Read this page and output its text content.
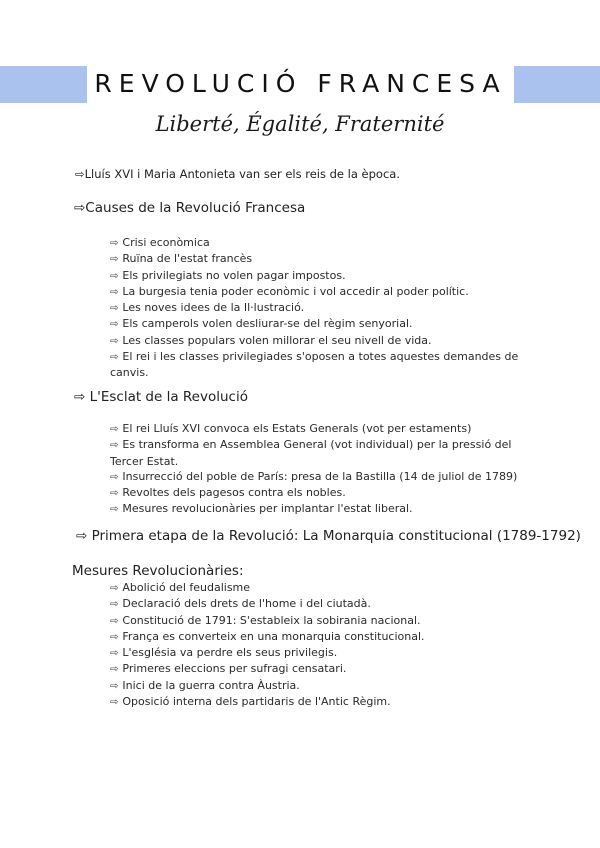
REVOLUCIÓ FRANCESA
Liberté, Égalité, Fraternité
⇨Lluís XVI i Maria Antonieta van ser els reis de la època.
⇨Causes de la Revolució Francesa
⇨ Crisi econòmica
⇨ Ruïna de l'estat francès
⇨ Els privilegiats no volen pagar impostos.
⇨ La burgesia tenia poder econòmic i vol accedir al poder polític.
⇨ Les noves idees de la Il·lustració.
⇨ Els camperols volen desliurar-se del règim senyorial.
⇨ Les classes populars volen millorar el seu nivell de vida.
⇨ El rei i les classes privilegiades s'oposen a totes aquestes demandes de canvis.
⇨ L'Esclat de la Revolució
⇨ El rei Lluís XVI convoca els Estats Generals (vot per estaments)
⇨ Es transforma en Assemblea General (vot individual) per la pressió del Tercer Estat.
⇨ Insurrecció del poble de París: presa de la Bastilla (14 de juliol de 1789)
⇨ Revoltes dels pagesos contra els nobles.
⇨ Mesures revolucionàries per implantar l'estat liberal.
⇨ Primera etapa de la Revolució: La Monarquia constitucional (1789-1792)
Mesures Revolucionàries:
⇨ Abolició del feudalisme
⇨ Declaració dels drets de l'home i del ciutadà.
⇨ Constitució de 1791: S'estableix la sobirania nacional.
⇨ França es converteix en una monarquia constitucional.
⇨ L'església va perdre els seus privilegis.
⇨ Primeres eleccions per sufragi censatari.
⇨ Inici de la guerra contra Àustria.
⇨ Oposició interna dels partidaris de l'Antic Règim.
